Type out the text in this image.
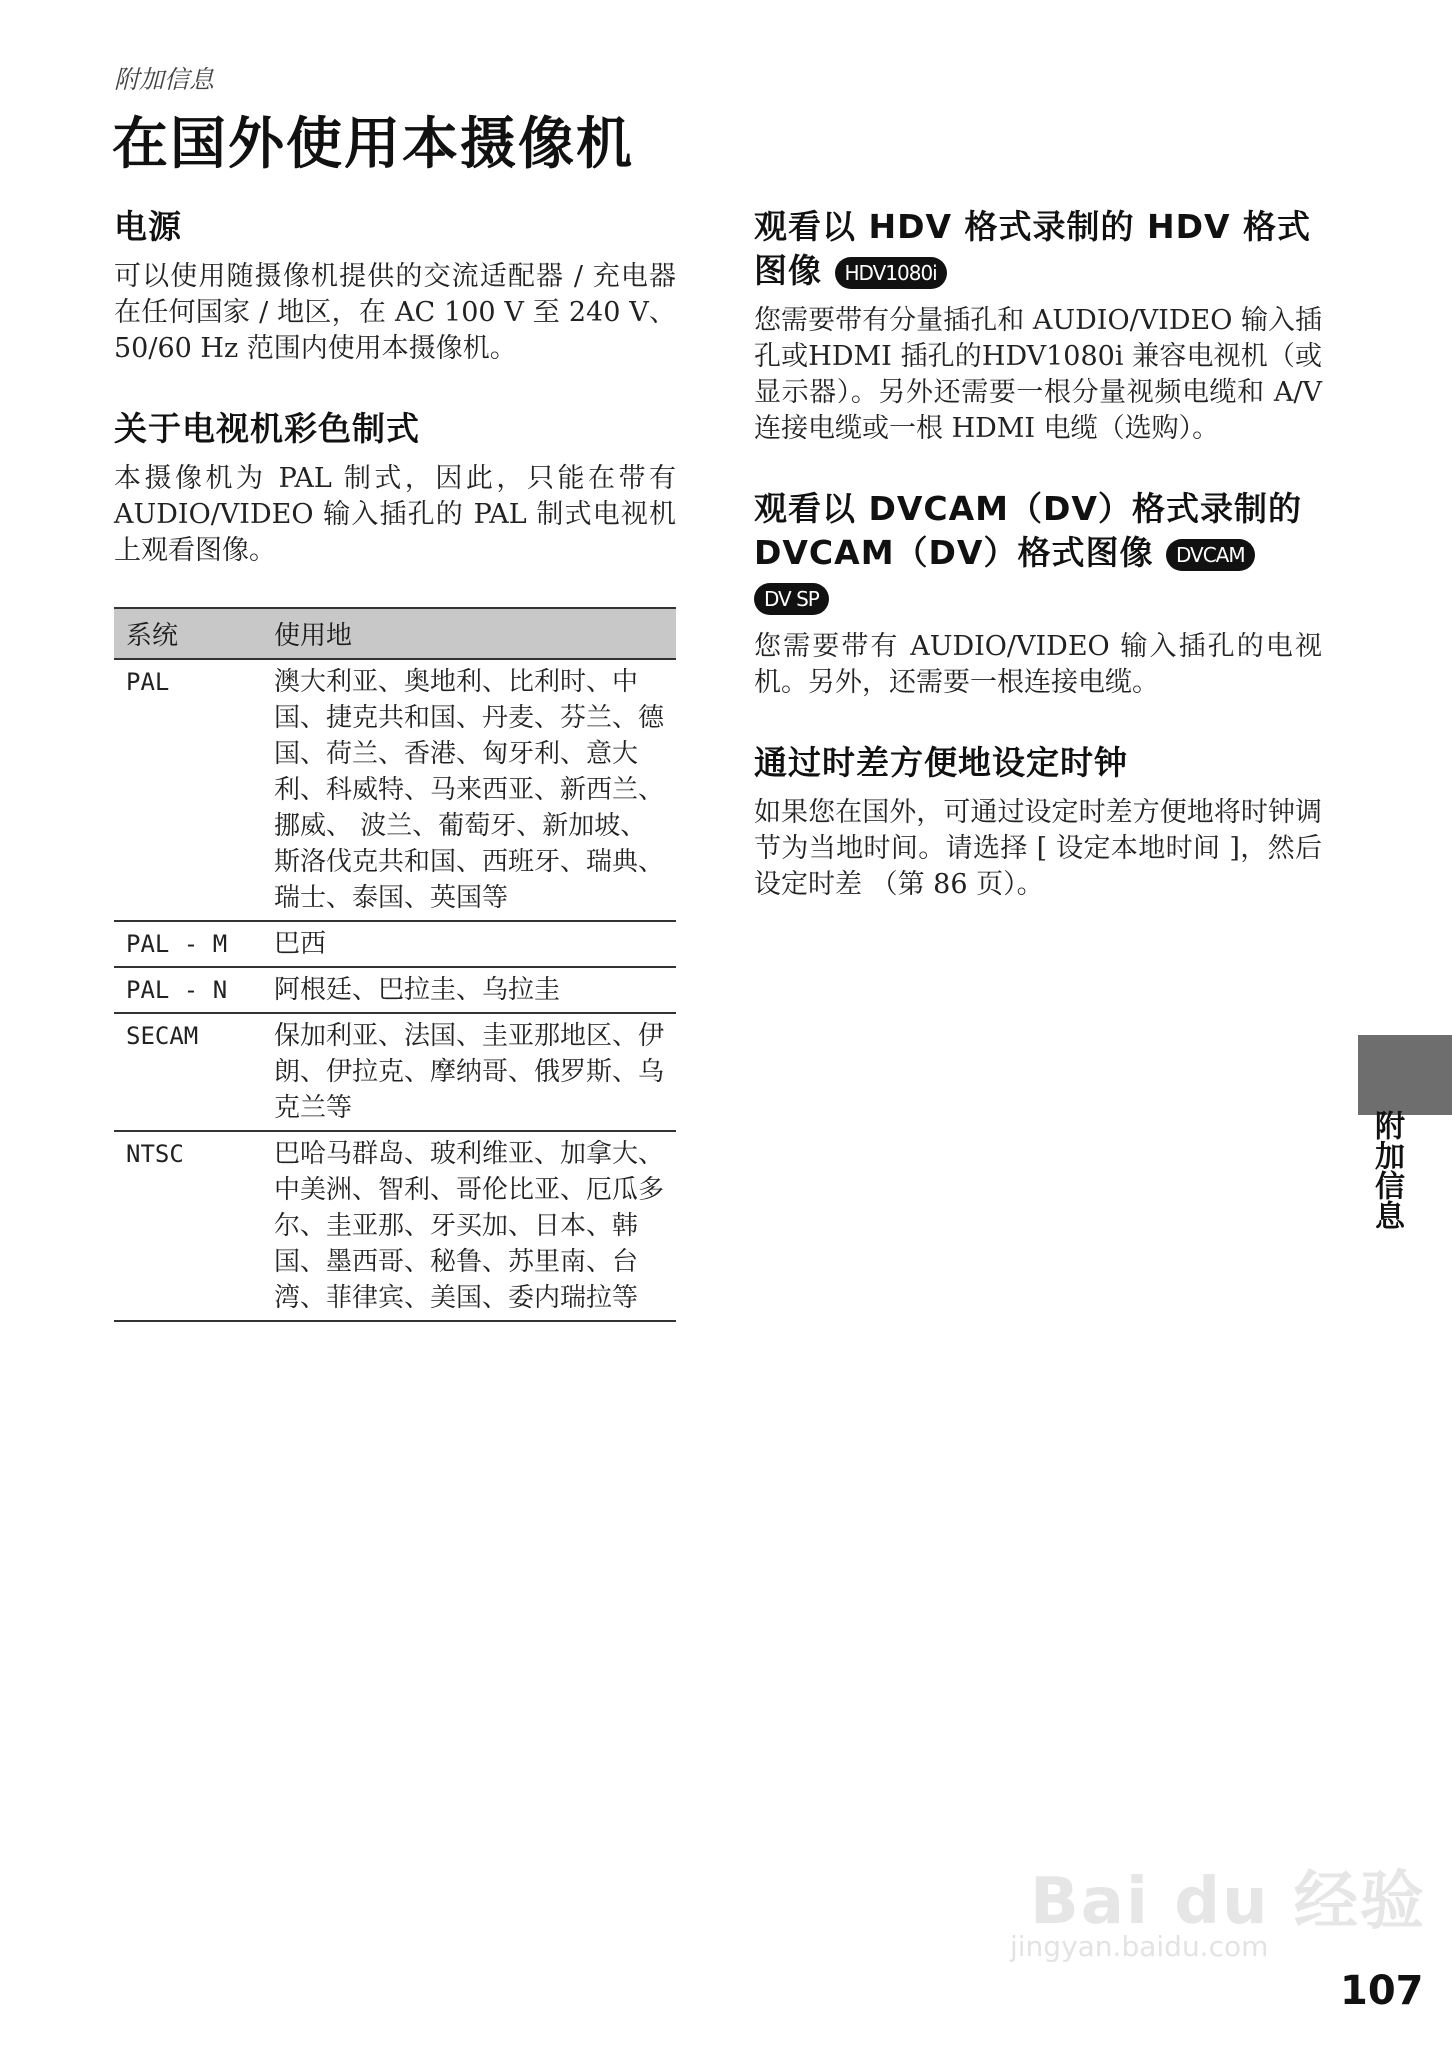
附加信息
在国外使用本摄像机
电源

可以使用随摄像机提供的交流适配器 / 充电器在任何国家 / 地区，在 AC 100 V 至 240 V、50/60 Hz 范围内使用本摄像机。

关于电视机彩色制式

本摄像机为 PAL 制式，因此，只能在带有 AUDIO/VIDEO 输入插孔的 PAL 制式电视机上观看图像。

系统	使用地
PAL	澳大利亚、奥地利、比利时、中国、捷克共和国、丹麦、芬兰、德国、荷兰、香港、匈牙利、意大利、科威特、马来西亚、新西兰、挪威、 波兰、葡萄牙、新加坡、斯洛伐克共和国、西班牙、瑞典、瑞士、泰国、英国等
PAL - M	巴西
PAL - N	阿根廷、巴拉圭、乌拉圭
SECAM	保加利亚、法国、圭亚那地区、伊朗、伊拉克、摩纳哥、俄罗斯、乌克兰等
NTSC	巴哈马群岛、玻利维亚、加拿大、中美洲、智利、哥伦比亚、厄瓜多尔、圭亚那、牙买加、日本、韩国、墨西哥、秘鲁、苏里南、台湾、菲律宾、美国、委内瑞拉等
观看以 HDV 格式录制的 HDV 格式图像 HDV1080i

您需要带有分量插孔和 AUDIO/VIDEO 输入插孔或HDMI 插孔的HDV1080i 兼容电视机（或显示器）。另外还需要一根分量视频电缆和 A/V 连接电缆或一根 HDMI 电缆（选购）。

观看以 DVCAM（DV）格式录制的 DVCAM（DV）格式图像 DVCAM DV SP

您需要带有 AUDIO/VIDEO 输入插孔的电视机。另外，还需要一根连接电缆。

通过时差方便地设定时钟

如果您在国外，可通过设定时差方便地将时钟调节为当地时间。请选择 [ 设定本地时间 ]，然后设定时差 （第 86 页）。

附加信息
Bai du 经验
jingyan.baidu.com
107
